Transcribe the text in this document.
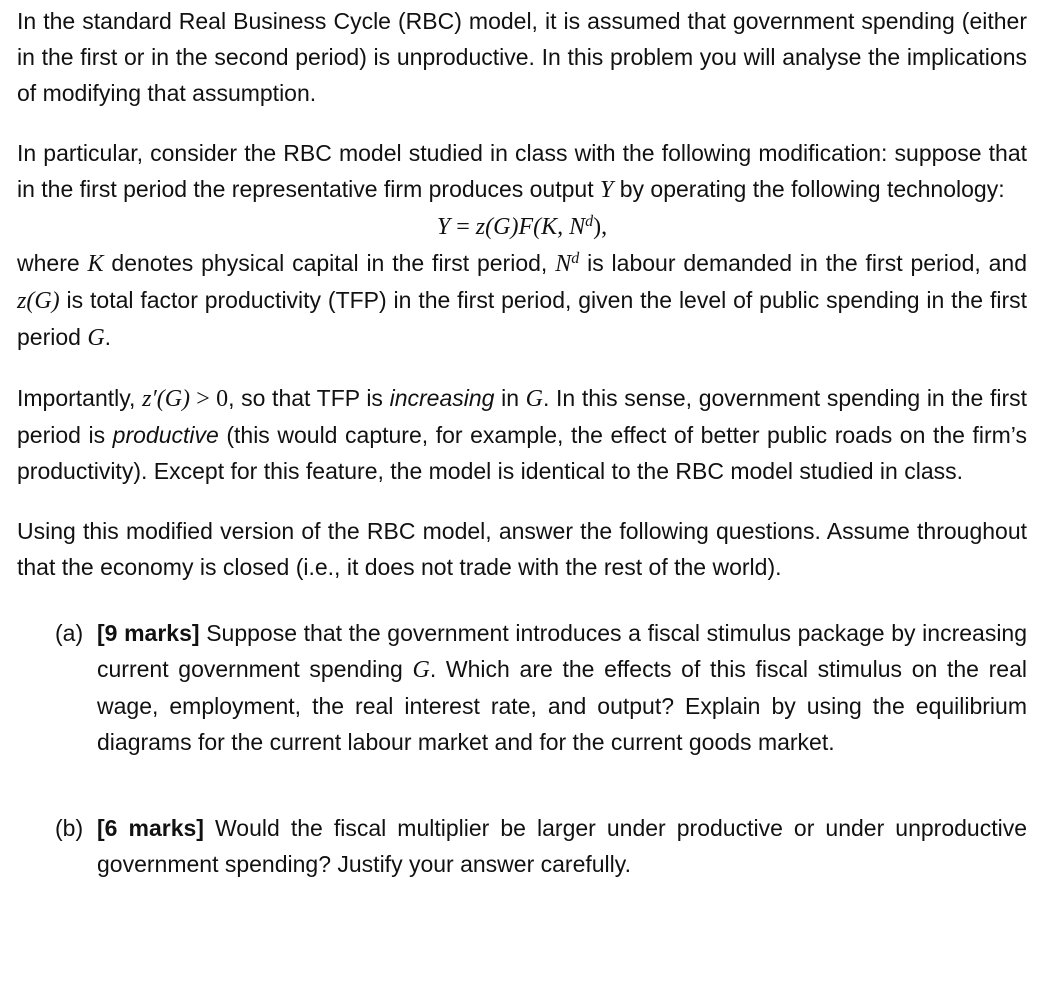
In the standard Real Business Cycle (RBC) model, it is assumed that government spending (either in the first or in the second period) is unproductive. In this problem you will analyse the implications of modifying that assumption.

In particular, consider the RBC model studied in class with the following modification: suppose that in the first period the representative firm produces output Y by operating the following technology:

Y = z(G)F(K, $N^d$),

where K denotes physical capital in the first period, $N^d$ is labour demanded in the first period, and z(G) is total factor productivity (TFP) in the first period, given the level of public spending in the first period G.

Importantly, z′(G) > 0, so that TFP is increasing in G. In this sense, government spending in the first period is productive (this would capture, for example, the effect of better public roads on the firm’s productivity). Except for this feature, the model is identical to the RBC model studied in class.

Using this modified version of the RBC model, answer the following questions. Assume throughout that the economy is closed (i.e., it does not trade with the rest of the world).

(a) [9 marks] Suppose that the government introduces a fiscal stimulus package by increasing current government spending G. Which are the effects of this fiscal stimulus on the real wage, employment, the real interest rate, and output? Explain by using the equilibrium diagrams for the current labour market and for the current goods market.
(b) [6 marks] Would the fiscal multiplier be larger under productive or under unproductive government spending? Justify your answer carefully.
